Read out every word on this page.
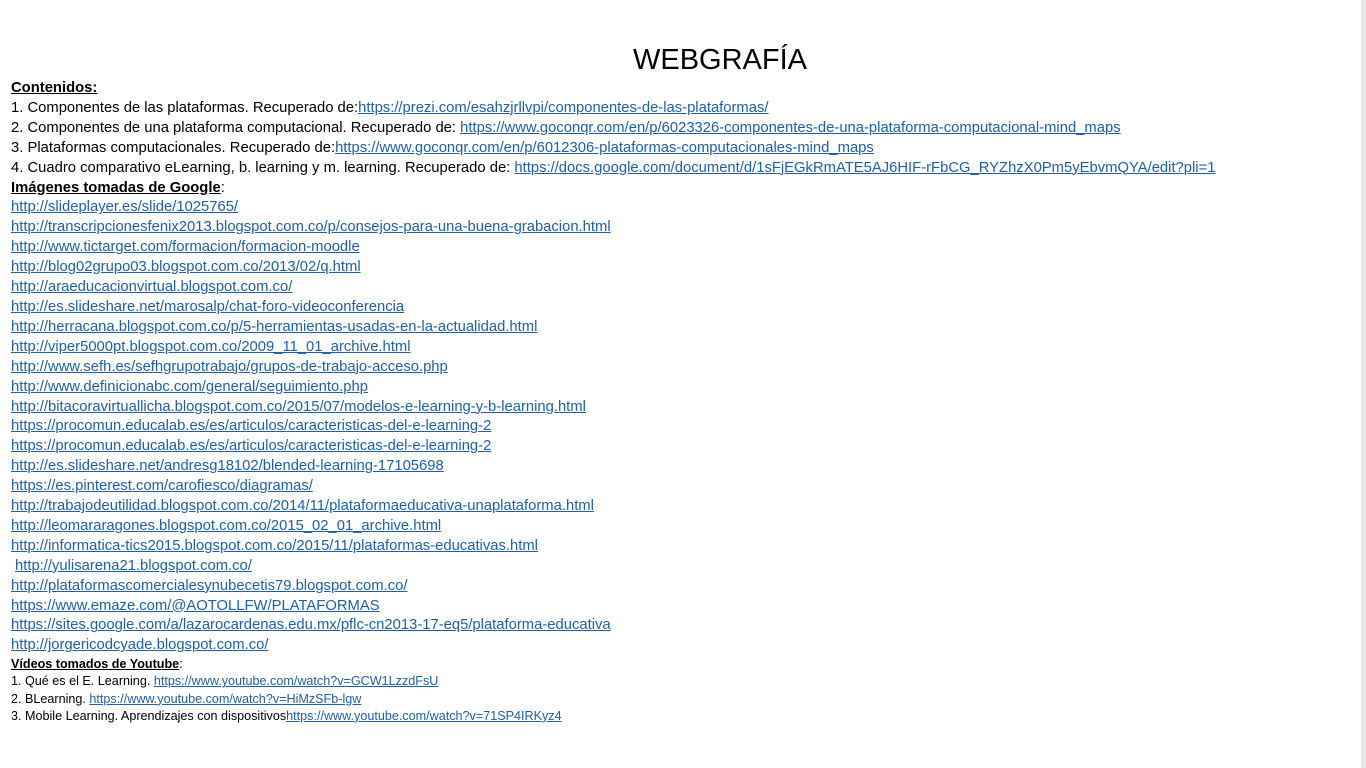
WEBGRAFÍA
Contenidos:
1. Componentes de las plataformas. Recuperado de:https://prezi.com/esahzjrllvpi/componentes-de-las-plataformas/
2. Componentes de una plataforma computacional. Recuperado de: https://www.goconqr.com/en/p/6023326-componentes-de-una-plataforma-computacional-mind_maps
3. Plataformas computacionales. Recuperado de:https://www.goconqr.com/en/p/6012306-plataformas-computacionales-mind_maps
4. Cuadro comparativo eLearning, b. learning y m. learning. Recuperado de: https://docs.google.com/document/d/1sFjEGkRmATE5AJ6HIF-rFbCG_RYZhzX0Pm5yEbvmQYA/edit?pli=1
Imágenes tomadas de Google:
http://slideplayer.es/slide/1025765/
http://transcripcionesfenix2013.blogspot.com.co/p/consejos-para-una-buena-grabacion.html
http://www.tictarget.com/formacion/formacion-moodle
http://blog02grupo03.blogspot.com.co/2013/02/q.html
http://araeducacionvirtual.blogspot.com.co/
http://es.slideshare.net/marosalp/chat-foro-videoconferencia
http://herracana.blogspot.com.co/p/5-herramientas-usadas-en-la-actualidad.html
http://viper5000pt.blogspot.com.co/2009_11_01_archive.html
http://www.sefh.es/sefhgrupotrabajo/grupos-de-trabajo-acceso.php
http://www.definicionabc.com/general/seguimiento.php
http://bitacoravirtuallicha.blogspot.com.co/2015/07/modelos-e-learning-y-b-learning.html
https://procomun.educalab.es/es/articulos/caracteristicas-del-e-learning-2
https://procomun.educalab.es/es/articulos/caracteristicas-del-e-learning-2
http://es.slideshare.net/andresg18102/blended-learning-17105698
https://es.pinterest.com/carofiesco/diagramas/
http://trabajodeutilidad.blogspot.com.co/2014/11/plataformaeducativa-unaplataforma.html
http://leomararagones.blogspot.com.co/2015_02_01_archive.html
http://informatica-tics2015.blogspot.com.co/2015/11/plataformas-educativas.html
http://yulisarena21.blogspot.com.co/
http://plataformascomercialesynubecetis79.blogspot.com.co/
https://www.emaze.com/@AOTOLLFW/PLATAFORMAS
https://sites.google.com/a/lazarocardenas.edu.mx/pflc-cn2013-17-eq5/plataforma-educativa
http://jorgericodcyade.blogspot.com.co/
Vídeos tomados de Youtube:
1. Qué es el E. Learning. https://www.youtube.com/watch?v=GCW1LzzdFsU
2. BLearning. https://www.youtube.com/watch?v=HiMzSFb-lgw
3. Mobile Learning. Aprendizajes con dispositivoshttps://www.youtube.com/watch?v=71SP4IRKyz4
